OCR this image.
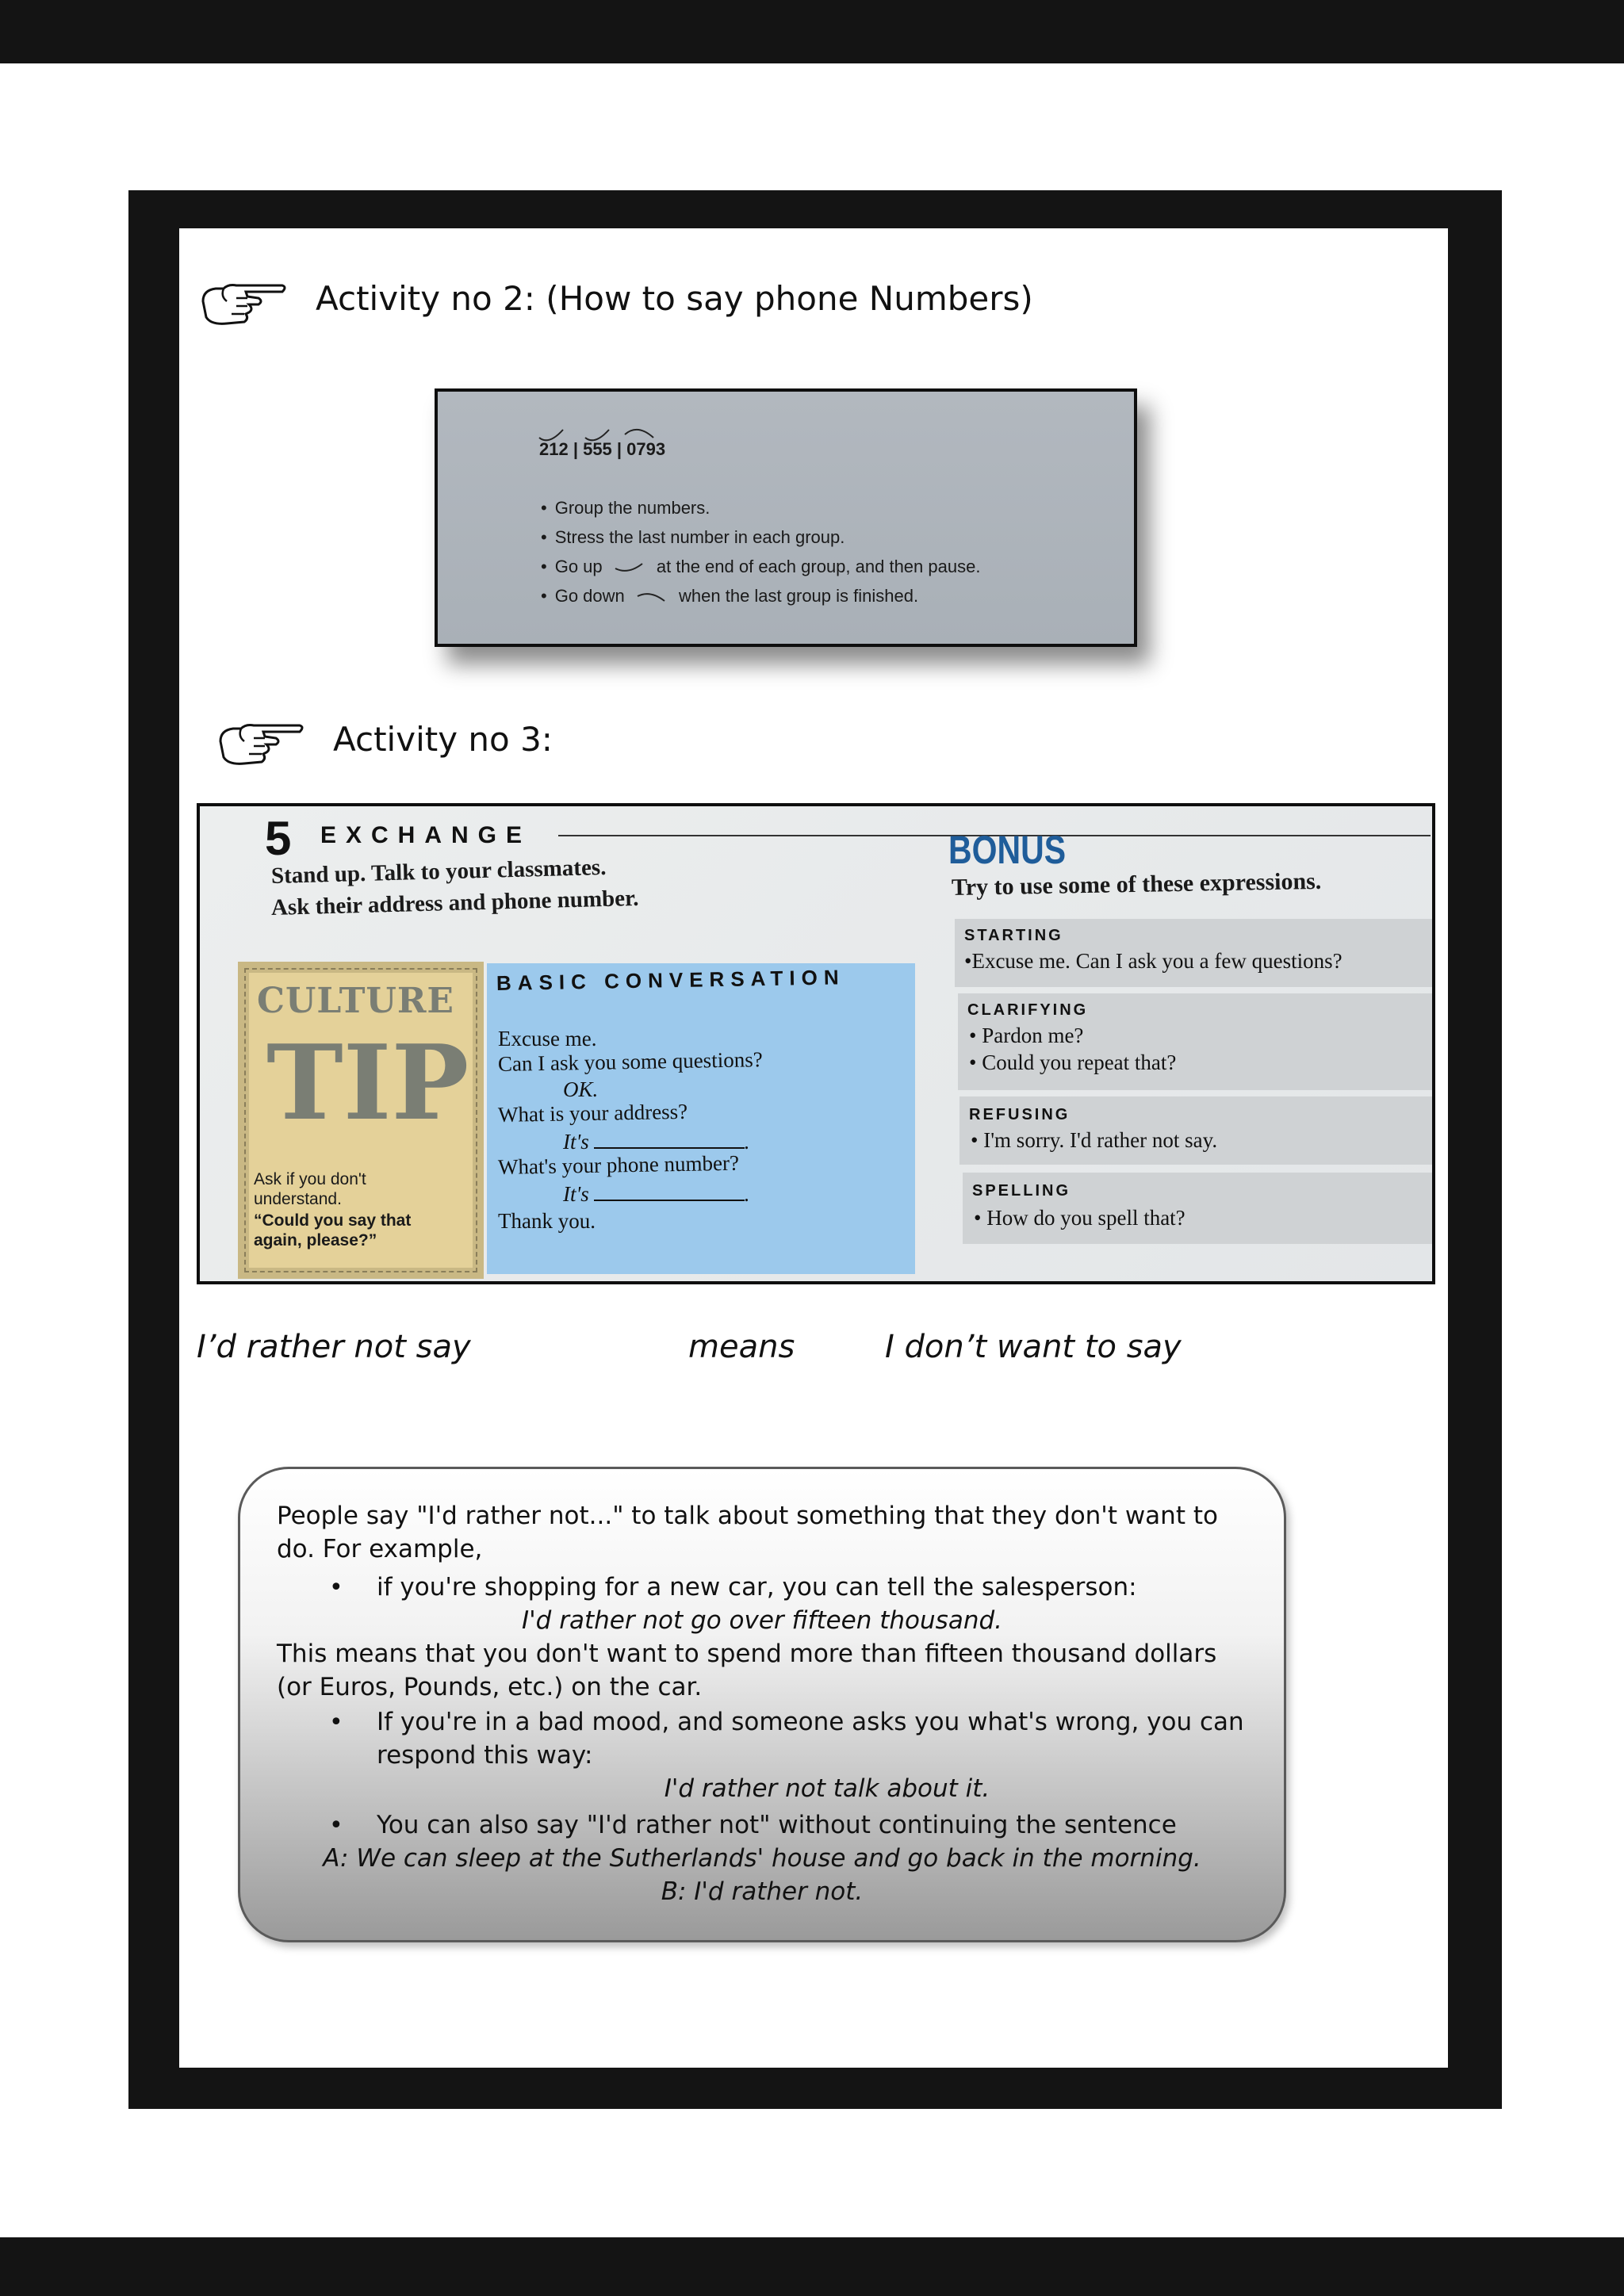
Activity no 2: (How to say phone Numbers)
212 | 555 | 0793
• Group the numbers.
• Stress the last number in each group.
• Go up	at the end of each group, and then pause.
• Go down	when the last group is finished.
Activity no 3:
5 EXCHANGE
Stand up. Talk to your classmates.
Ask their address and phone number.
CULTURE
TIP
Ask if you don't understand.
“Could you say that again, please?”
BASIC CONVERSATION
Excuse me.
Can I ask you some questions?
OK.
What is your address?
It's	.
What's your phone number?
It's	.
Thank you.
BONUS
Try to use some of these expressions.
STARTING
•Excuse me. Can I ask you a few questions?
CLARIFYING
• Pardon me?
• Could you repeat that?
REFUSING
• I'm sorry. I'd rather not say.
SPELLING
• How do you spell that?
I’d rather not say	means	I don’t want to say
People say "I'd rather not..." to talk about something that they don't want to do. For example,
• if you're shopping for a new car, you can tell the salesperson:
I'd rather not go over fifteen thousand.
This means that you don't want to spend more than fifteen thousand dollars (or Euros, Pounds, etc.) on the car.
• If you're in a bad mood, and someone asks you what's wrong, you can respond this way:
I'd rather not talk about it.
• You can also say "I'd rather not" without continuing the sentence
A: We can sleep at the Sutherlands' house and go back in the morning.
B: I'd rather not.
